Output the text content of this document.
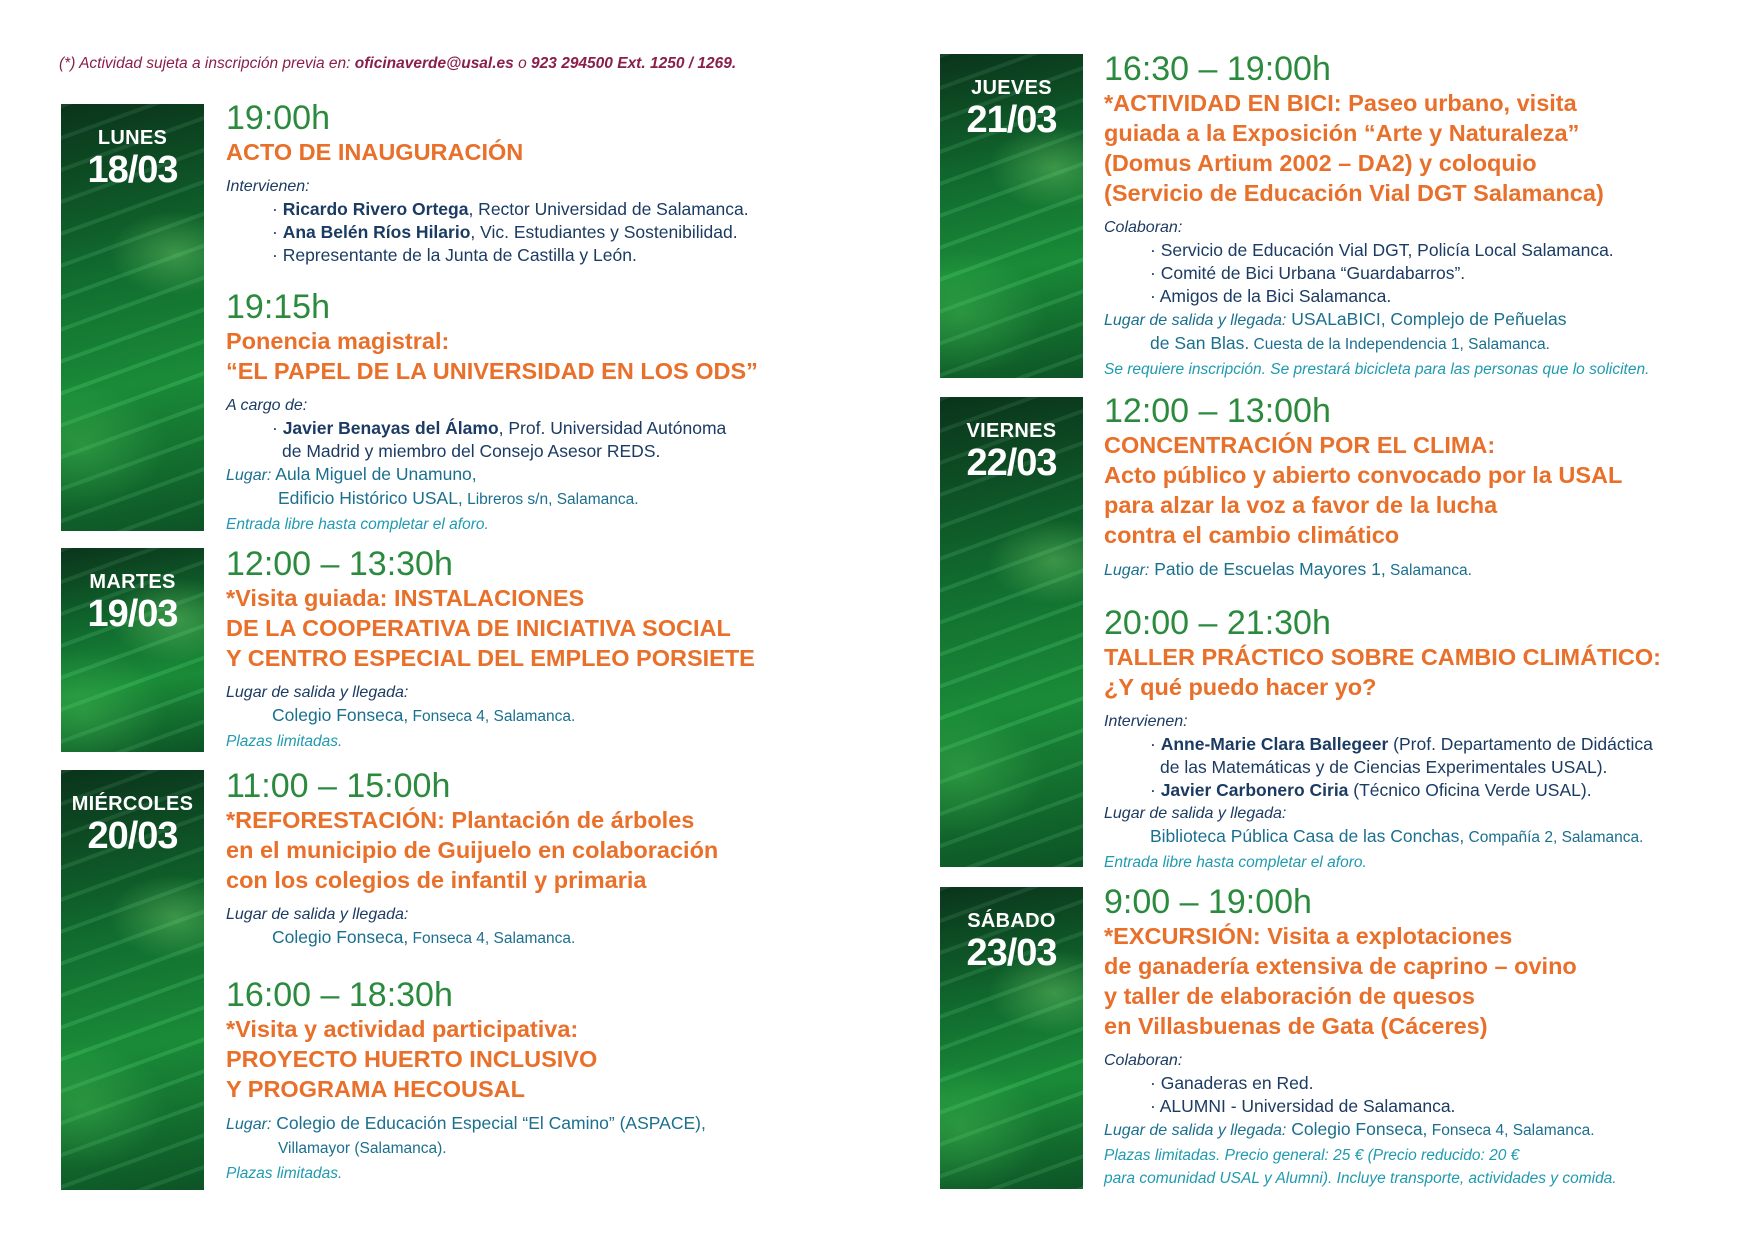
(*) Actividad sujeta a inscripción previa en: oficinaverde@usal.es o 923 294500 Ext. 1250 / 1269.
LUNES
18/03
MARTES
19/03
MIÉRCOLES
20/03
JUEVES
21/03
VIERNES
22/03
SÁBADO
23/03
19:00h
ACTO DE INAUGURACIÓN
Intervienen:
· Ricardo Rivero Ortega, Rector Universidad de Salamanca.
· Ana Belén Ríos Hilario, Vic. Estudiantes y Sostenibilidad.
· Representante de la Junta de Castilla y León.
19:15h
Ponencia magistral:
“EL PAPEL DE LA UNIVERSIDAD EN LOS ODS”
A cargo de:
· Javier Benayas del Álamo, Prof. Universidad Autónoma
de Madrid y miembro del Consejo Asesor REDS.
Lugar: Aula Miguel de Unamuno,
Edificio Histórico USAL, Libreros s/n, Salamanca.
Entrada libre hasta completar el aforo.
12:00 – 13:30h
*Visita guiada: INSTALACIONES
DE LA COOPERATIVA DE INICIATIVA SOCIAL
Y CENTRO ESPECIAL DEL EMPLEO PORSIETE
Lugar de salida y llegada:
Colegio Fonseca, Fonseca 4, Salamanca.
Plazas limitadas.
11:00 – 15:00h
*REFORESTACIÓN: Plantación de árboles
en el municipio de Guijuelo en colaboración
con los colegios de infantil y primaria
Lugar de salida y llegada:
Colegio Fonseca, Fonseca 4, Salamanca.
16:00 – 18:30h
*Visita y actividad participativa:
PROYECTO HUERTO INCLUSIVO
Y PROGRAMA HECOUSAL
Lugar: Colegio de Educación Especial “El Camino” (ASPACE),
Villamayor (Salamanca).
Plazas limitadas.
16:30 – 19:00h
*ACTIVIDAD EN BICI: Paseo urbano, visita
guiada a la Exposición “Arte y Naturaleza”
(Domus Artium 2002 – DA2) y coloquio
(Servicio de Educación Vial DGT Salamanca)
Colaboran:
· Servicio de Educación Vial DGT, Policía Local Salamanca.
· Comité de Bici Urbana “Guardabarros”.
· Amigos de la Bici Salamanca.
Lugar de salida y llegada: USALaBICI, Complejo de Peñuelas
de San Blas. Cuesta de la Independencia 1, Salamanca.
Se requiere inscripción. Se prestará bicicleta para las personas que lo soliciten.
12:00 – 13:00h
CONCENTRACIÓN POR EL CLIMA:
Acto público y abierto convocado por la USAL
para alzar la voz a favor de la lucha
contra el cambio climático
Lugar: Patio de Escuelas Mayores 1, Salamanca.
20:00 – 21:30h
TALLER PRÁCTICO SOBRE CAMBIO CLIMÁTICO:
¿Y qué puedo hacer yo?
Intervienen:
· Anne-Marie Clara Ballegeer (Prof. Departamento de Didáctica
de las Matemáticas y de Ciencias Experimentales USAL).
· Javier Carbonero Ciria (Técnico Oficina Verde USAL).
Lugar de salida y llegada:
Biblioteca Pública Casa de las Conchas, Compañía 2, Salamanca.
Entrada libre hasta completar el aforo.
9:00 – 19:00h
*EXCURSIÓN: Visita a explotaciones
de ganadería extensiva de caprino – ovino
y taller de elaboración de quesos
en Villasbuenas de Gata (Cáceres)
Colaboran:
· Ganaderas en Red.
· ALUMNI - Universidad de Salamanca.
Lugar de salida y llegada: Colegio Fonseca, Fonseca 4, Salamanca.
Plazas limitadas. Precio general: 25 € (Precio reducido: 20 €
para comunidad USAL y Alumni). Incluye transporte, actividades y comida.
